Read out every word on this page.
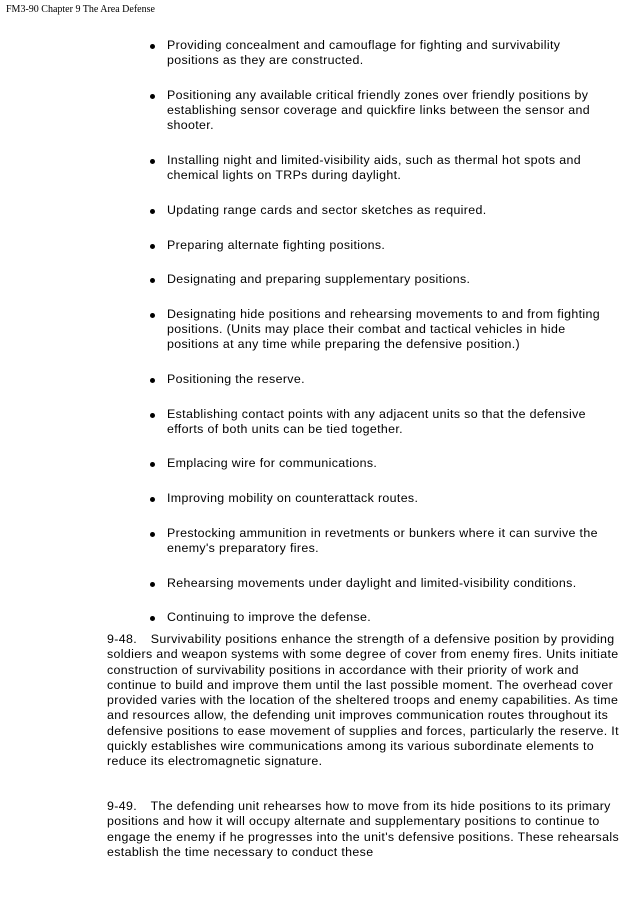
FM3-90 Chapter 9 The Area Defense
Providing concealment and camouflage for fighting and survivability positions as they are constructed.
Positioning any available critical friendly zones over friendly positions by establishing sensor coverage and quickfire links between the sensor and shooter.
Installing night and limited-visibility aids, such as thermal hot spots and chemical lights on TRPs during daylight.
Updating range cards and sector sketches as required.
Preparing alternate fighting positions.
Designating and preparing supplementary positions.
Designating hide positions and rehearsing movements to and from fighting positions. (Units may place their combat and tactical vehicles in hide positions at any time while preparing the defensive position.)
Positioning the reserve.
Establishing contact points with any adjacent units so that the defensive efforts of both units can be tied together.
Emplacing wire for communications.
Improving mobility on counterattack routes.
Prestocking ammunition in revetments or bunkers where it can survive the enemy's preparatory fires.
Rehearsing movements under daylight and limited-visibility conditions.
Continuing to improve the defense.

9-48. Survivability positions enhance the strength of a defensive position by providing soldiers and weapon systems with some degree of cover from enemy fires. Units initiate construction of survivability positions in accordance with their priority of work and continue to build and improve them until the last possible moment. The overhead cover provided varies with the location of the sheltered troops and enemy capabilities. As time and resources allow, the defending unit improves communication routes throughout its defensive positions to ease movement of supplies and forces, particularly the reserve. It quickly establishes wire communications among its various subordinate elements to reduce its electromagnetic signature.

9-49. The defending unit rehearses how to move from its hide positions to its primary positions and how it will occupy alternate and supplementary positions to continue to engage the enemy if he progresses into the unit's defensive positions. These rehearsals establish the time necessary to conduct these
